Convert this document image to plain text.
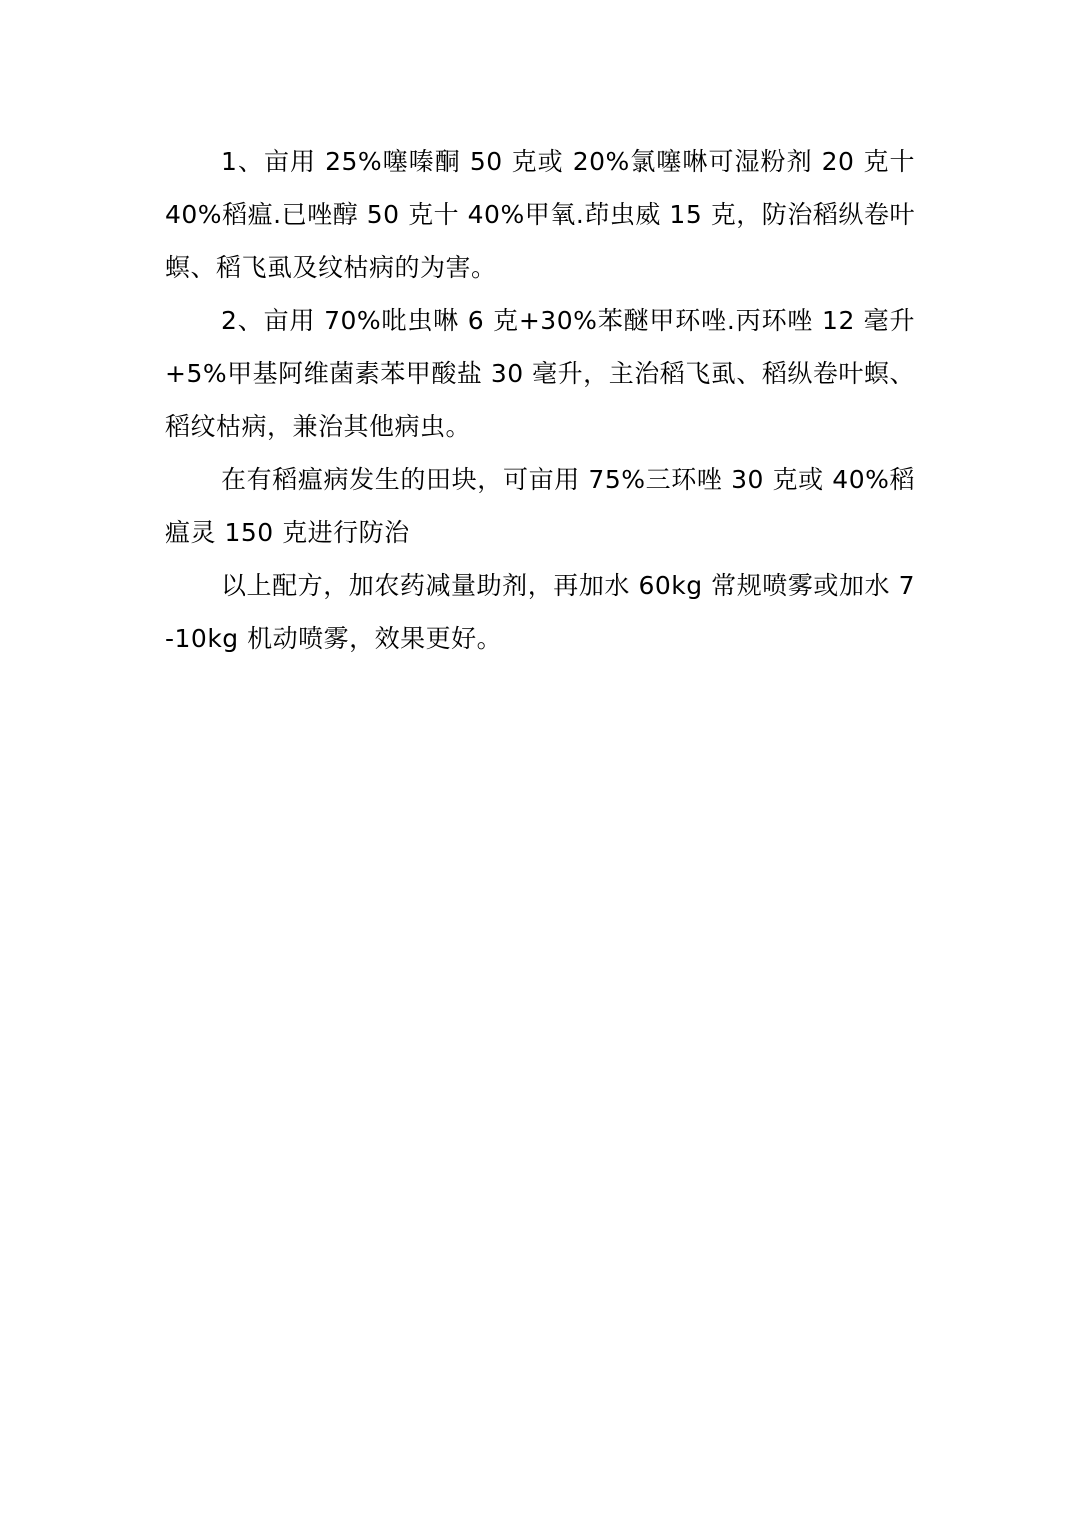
1、亩用 25%噻嗪酮 50 克或 20%氯噻啉可湿粉剂 20 克十 40%稻瘟.已唑醇 50 克十 40%甲氧.茚虫威 15 克，防治稻纵卷叶螟、稻飞虱及纹枯病的为害。

2、亩用 70%吡虫啉 6 克+30%苯醚甲环唑.丙环唑 12 毫升+5%甲基阿维菌素苯甲酸盐 30 毫升，主治稻飞虱、稻纵卷叶螟、稻纹枯病，兼治其他病虫。

在有稻瘟病发生的田块，可亩用 75%三环唑 30 克或 40%稻瘟灵 150 克进行防治

以上配方，加农药减量助剂，再加水 60kg 常规喷雾或加水 7-10kg 机动喷雾，效果更好。
